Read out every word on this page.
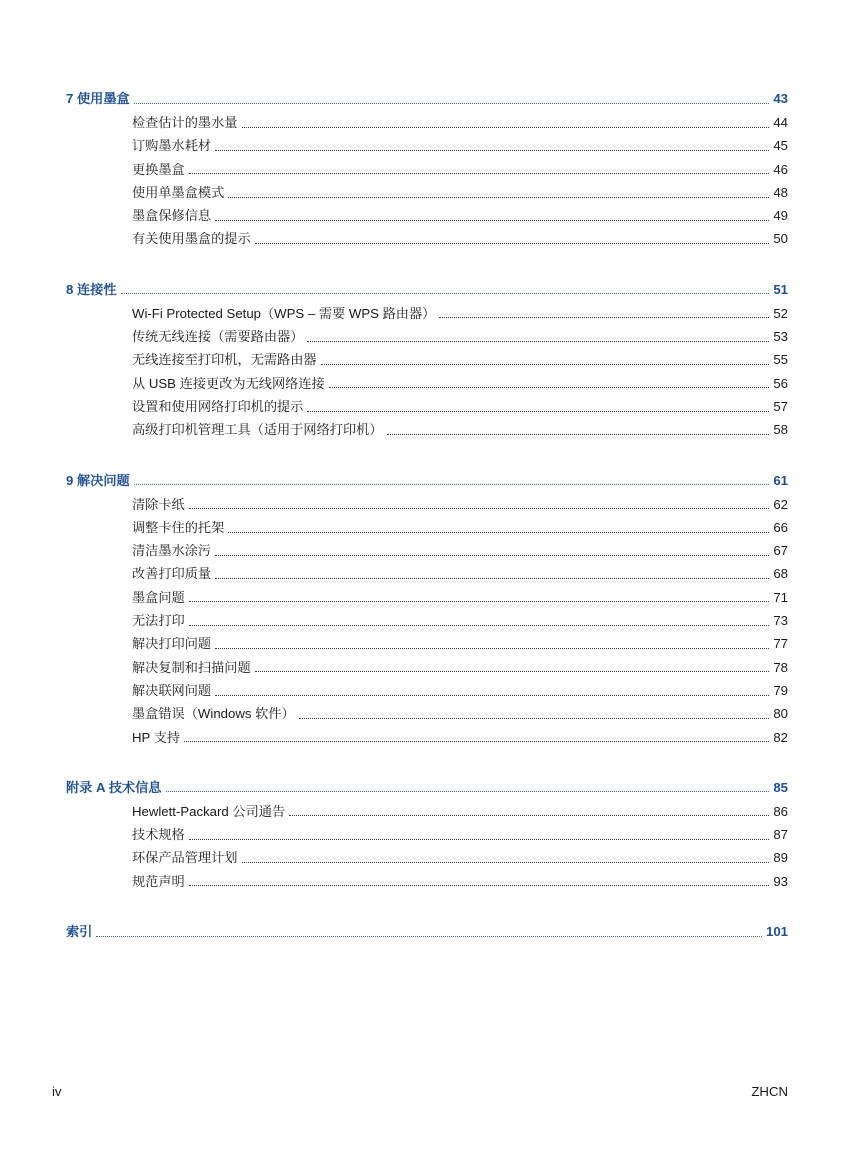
7 使用墨盒	43
检查估计的墨水量	44
订购墨水耗材	45
更换墨盒	46
使用单墨盒模式	48
墨盒保修信息	49
有关使用墨盒的提示	50
8 连接性	51
Wi-Fi Protected Setup（WPS – 需要 WPS 路由器）	52
传统无线连接（需要路由器）	53
无线连接至打印机，无需路由器	55
从 USB 连接更改为无线网络连接	56
设置和使用网络打印机的提示	57
高级打印机管理工具（适用于网络打印机）	58
9 解决问题	61
清除卡纸	62
调整卡住的托架	66
清洁墨水涂污	67
改善打印质量	68
墨盒问题	71
无法打印	73
解决打印问题	77
解决复制和扫描问题	78
解决联网问题	79
墨盒错误（Windows 软件）	80
HP 支持	82
附录 A 技术信息	85
Hewlett-Packard 公司通告	86
技术规格	87
环保产品管理计划	89
规范声明	93
索引	101
iv	ZHCN
